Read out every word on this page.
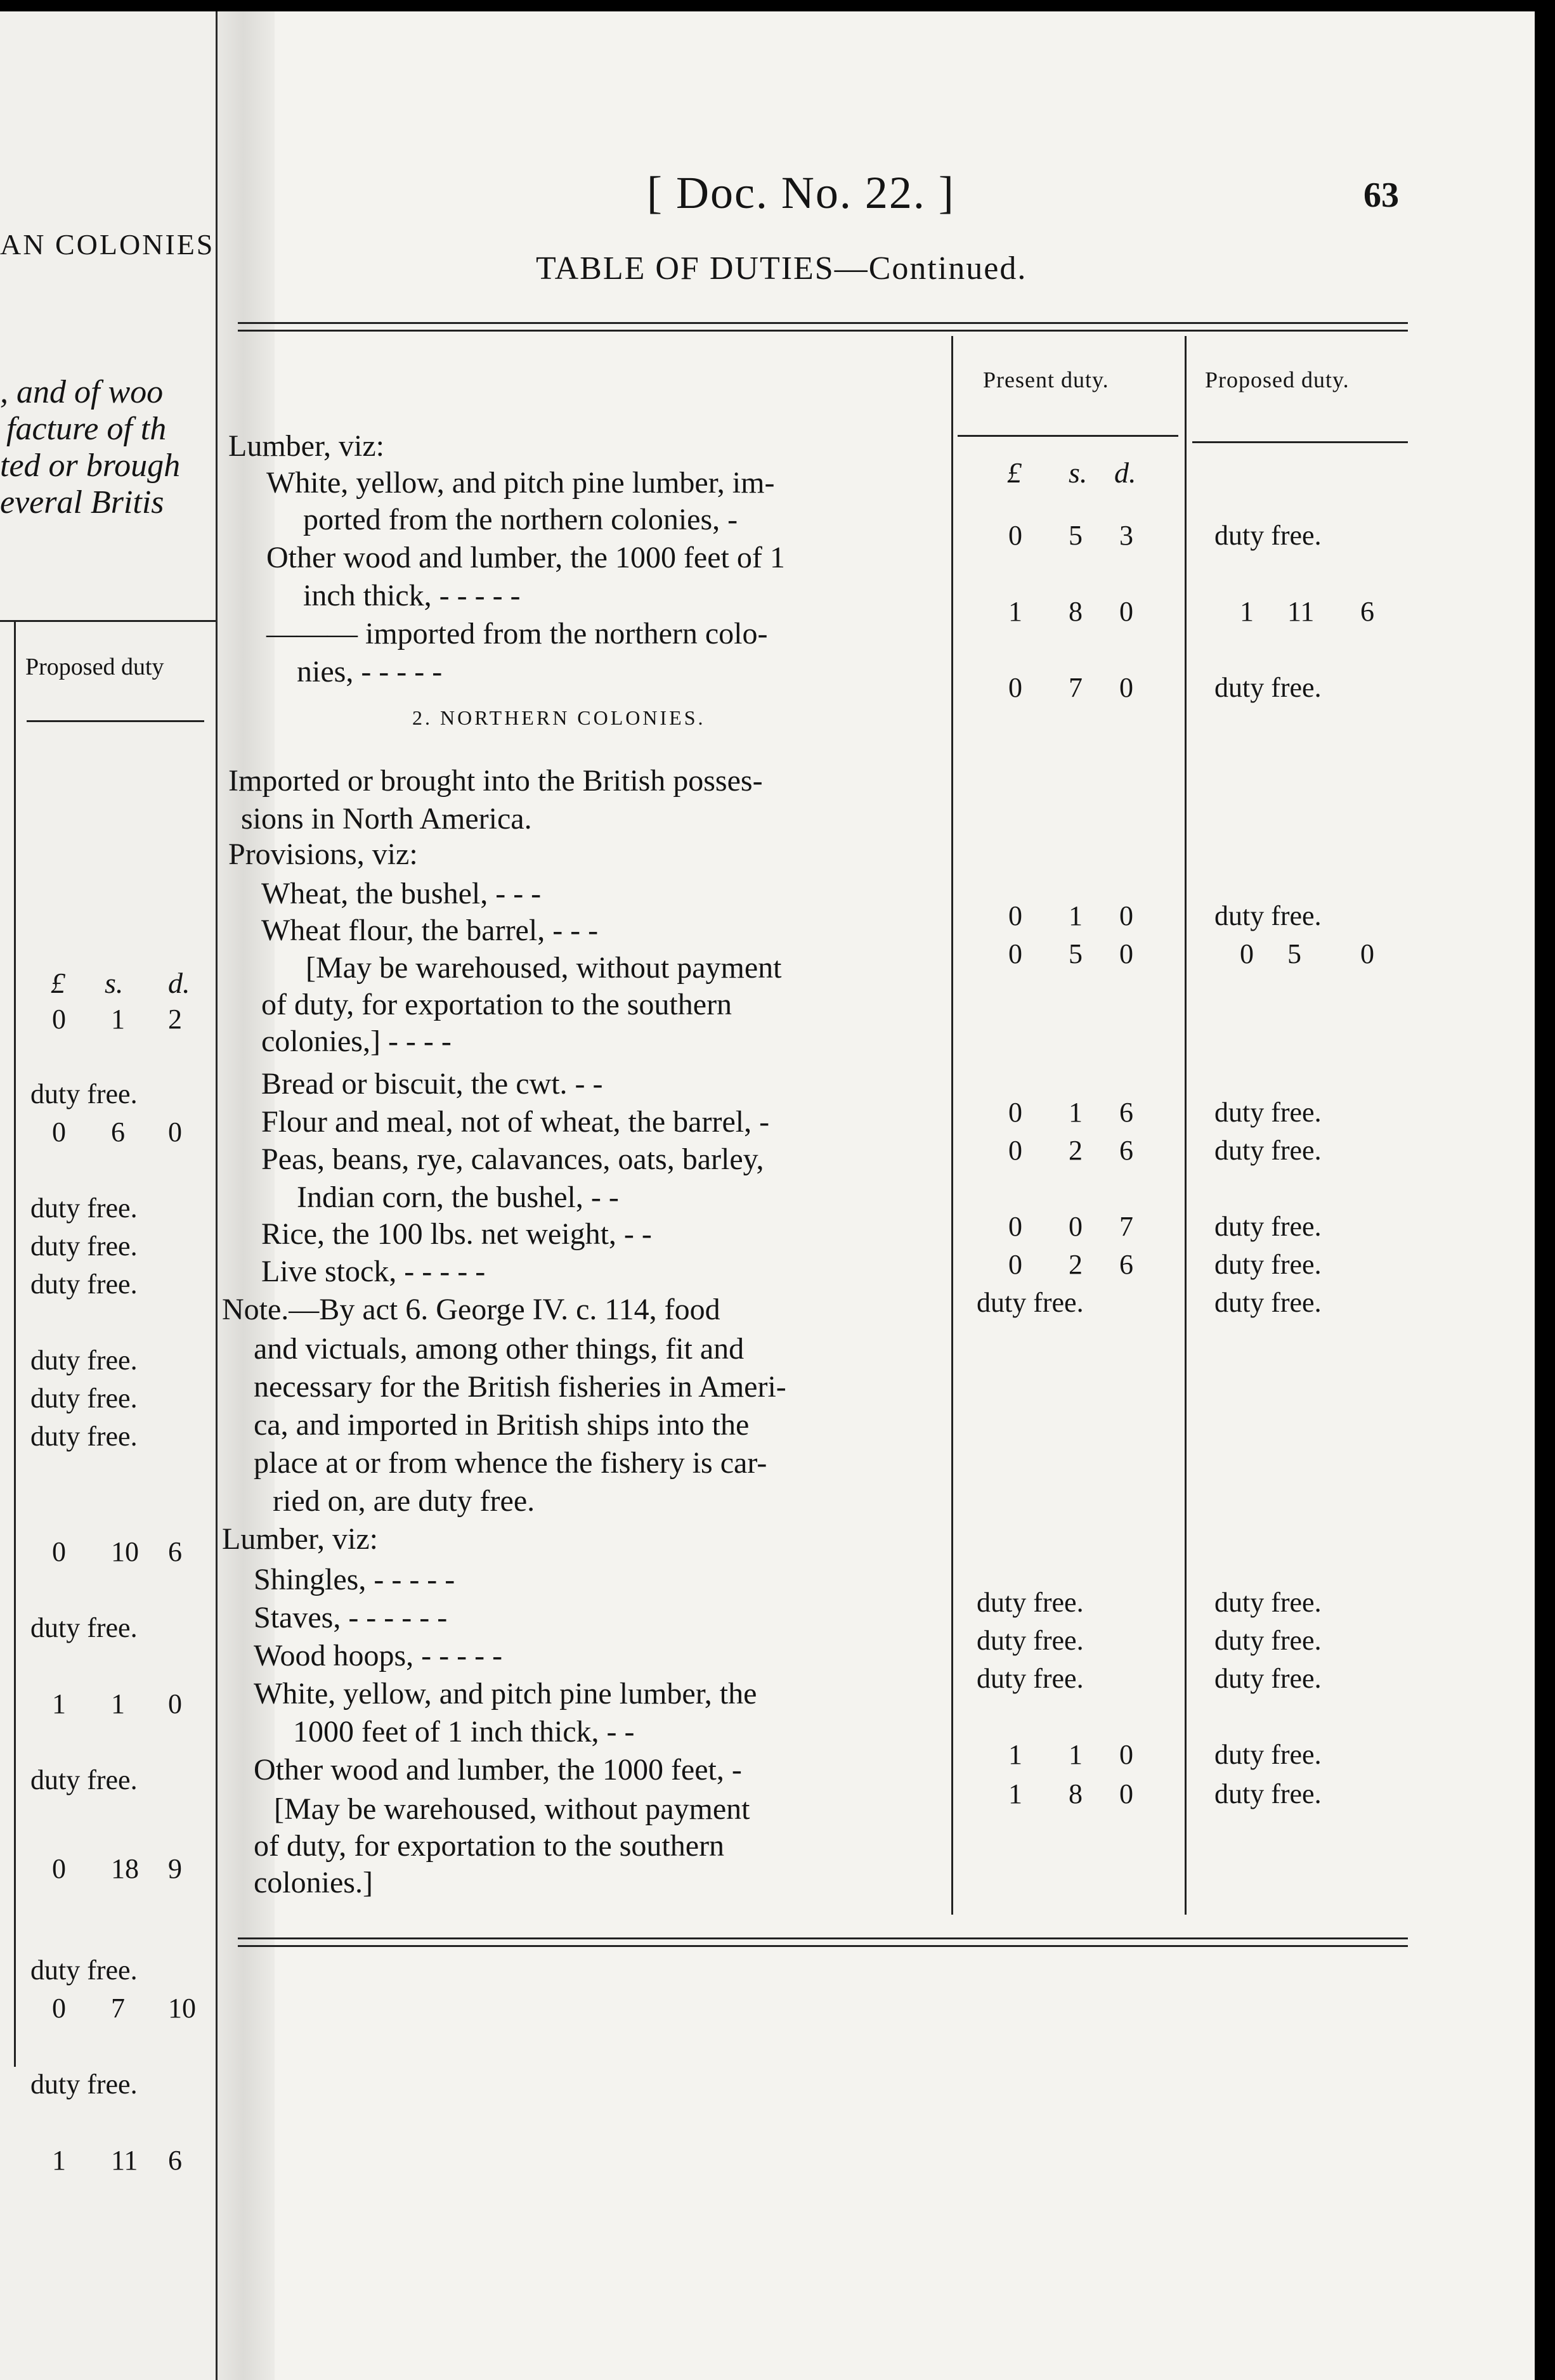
AN COLONIES
, and of woo
facture of th
ted or brough
everal Britis
Proposed duty
£ s. d.
0 1 2
duty free.
0 6 0
duty free.
duty free.
duty free.
duty free.
duty free.
duty free.
0 10 6
duty free.
1 1 0
duty free.
0 18 9
duty free.
0 7 10
duty free.
1 11 6
[ Doc. No. 22. ]	63
TABLE OF DUTIES—Continued.
Present duty.	Proposed duty.
£ s. d.
Lumber, viz:
White, yellow, and pitch pine lumber, im-
ported from the northern colonies, -
Other wood and lumber, the 1000 feet of 1
inch thick, - - - - -
——— imported from the northern colo-
nies, - - - - -
2. NORTHERN COLONIES.
Imported or brought into the British posses-
sions in North America.
Provisions, viz:
Wheat, the bushel, - - -
Wheat flour, the barrel, - - -
[May be warehoused, without payment
of duty, for exportation to the southern
colonies,] - - - -
Bread or biscuit, the cwt. - -
Flour and meal, not of wheat, the barrel, -
Peas, beans, rye, calavances, oats, barley,
Indian corn, the bushel, - -
Rice, the 100 lbs. net weight, - -
Live stock, - - - - -
Note.—By act 6. George IV. c. 114, food
and victuals, among other things, fit and
necessary for the British fisheries in Ameri-
ca, and imported in British ships into the
place at or from whence the fishery is car-
ried on, are duty free.
Lumber, viz:
Shingles, - - - - -
Staves, - - - - - -
Wood hoops, - - - - -
White, yellow, and pitch pine lumber, the
1000 feet of 1 inch thick, - -
Other wood and lumber, the 1000 feet, -
[May be warehoused, without payment
of duty, for exportation to the southern
colonies.]
0 5 3
1 8 0
0 7 0
0 1 0
0 5 0
0 1 6
0 2 6
0 0 7
0 2 6
duty free.
duty free.
duty free.
duty free.
1 1 0
1 8 0
duty free.
1 11 6
duty free.
duty free.
0 5 0
duty free.
duty free.
duty free.
duty free.
duty free.
duty free.
duty free.
duty free.
duty free.
duty free.
